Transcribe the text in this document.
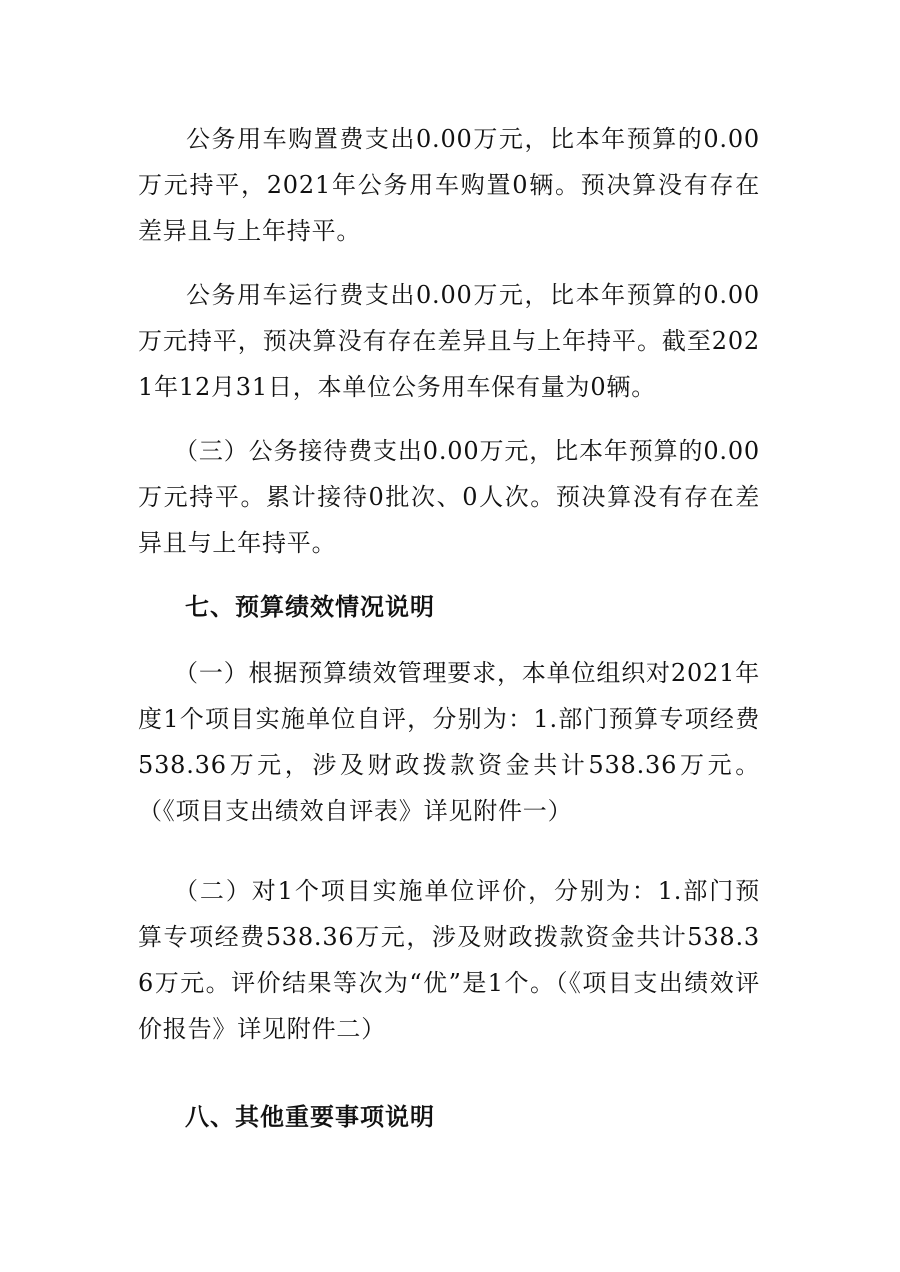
公务用车购置费支出0.00万元，比本年预算的0.00万元持平，2021年公务用车购置0辆。预决算没有存在差异且与上年持平。

公务用车运行费支出0.00万元，比本年预算的0.00万元持平，预决算没有存在差异且与上年持平。截至2021年12月31日，本单位公务用车保有量为0辆。

（三）公务接待费支出0.00万元，比本年预算的0.00万元持平。累计接待0批次、0人次。预决算没有存在差异且与上年持平。

七、预算绩效情况说明

（一）根据预算绩效管理要求，本单位组织对2021年度1个项目实施单位自评，分别为：1.部门预算专项经费538.36万元，涉及财政拨款资金共计538.36万元。（《项目支出绩效自评表》详见附件一）

（二）对1个项目实施单位评价，分别为：1.部门预算专项经费538.36万元，涉及财政拨款资金共计538.36万元。评价结果等次为“优”是1个。（《项目支出绩效评价报告》详见附件二）

八、其他重要事项说明
